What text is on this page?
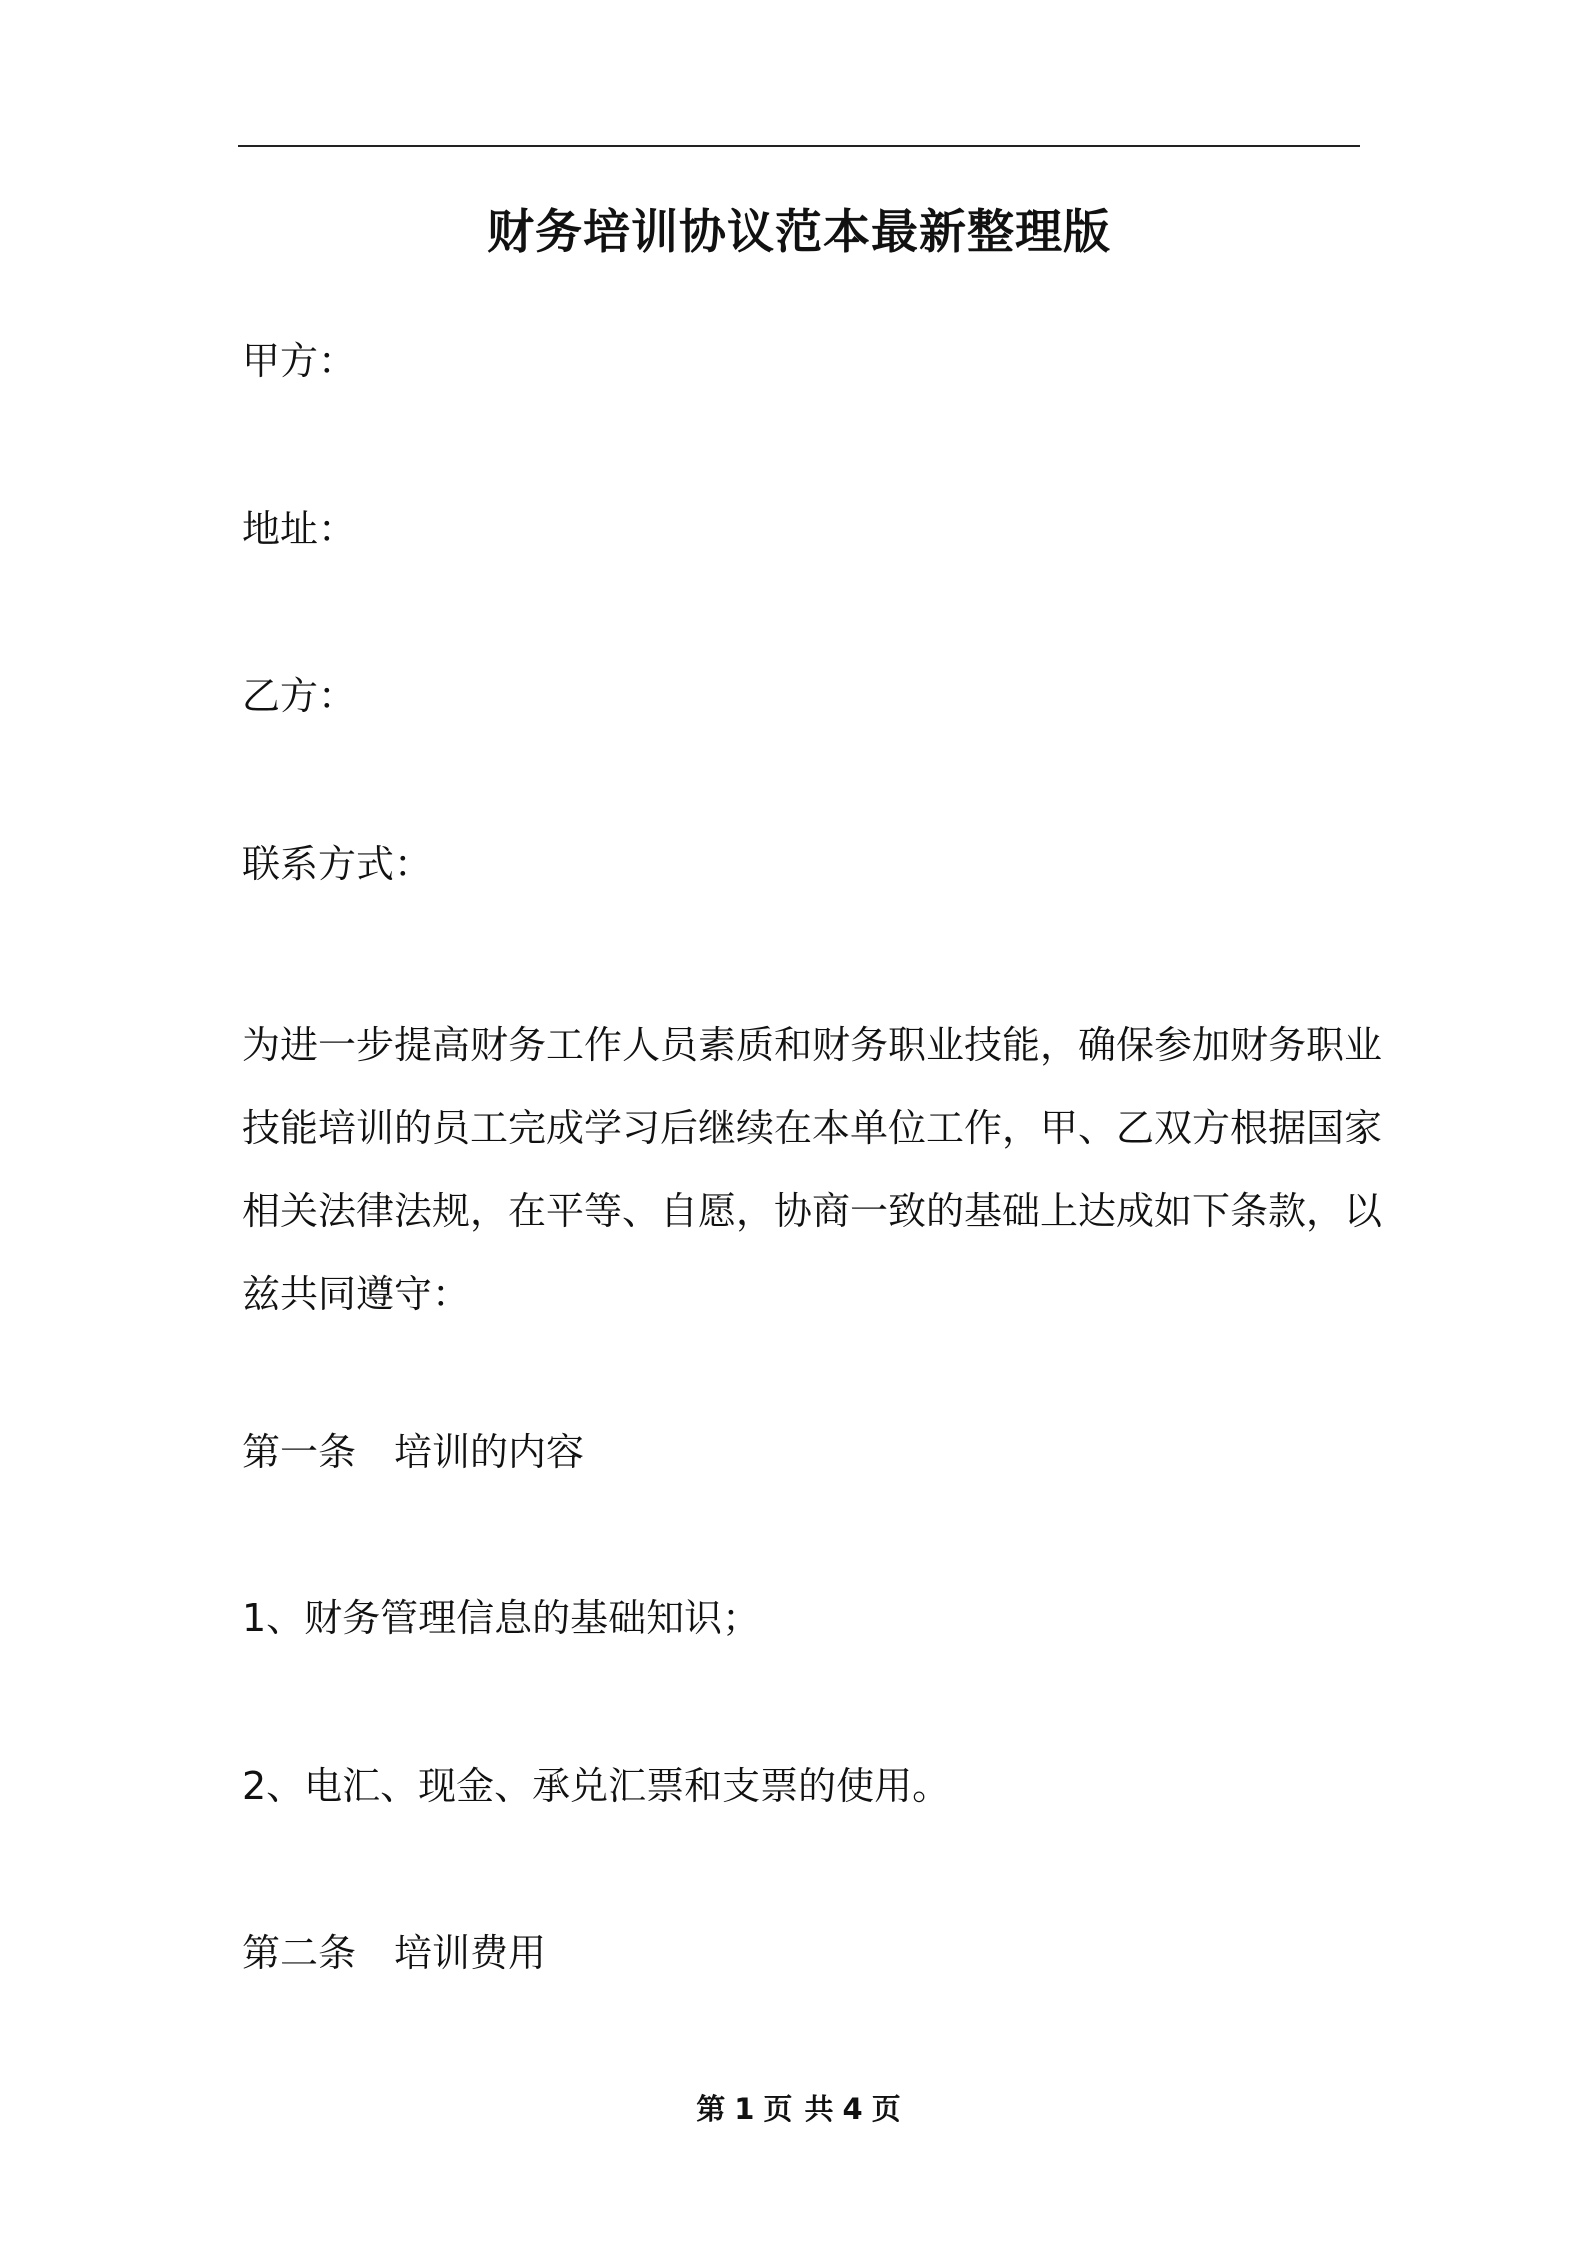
财务培训协议范本最新整理版
甲方：
地址：
乙方：
联系方式：
为进一步提高财务工作人员素质和财务职业技能，确保参加财务职业
技能培训的员工完成学习后继续在本单位工作，甲、乙双方根据国家
相关法律法规，在平等、自愿，协商一致的基础上达成如下条款，以
兹共同遵守：
第一条 培训的内容
1、财务管理信息的基础知识；
2、电汇、现金、承兑汇票和支票的使用。
第二条 培训费用
第 1 页 共 4 页
